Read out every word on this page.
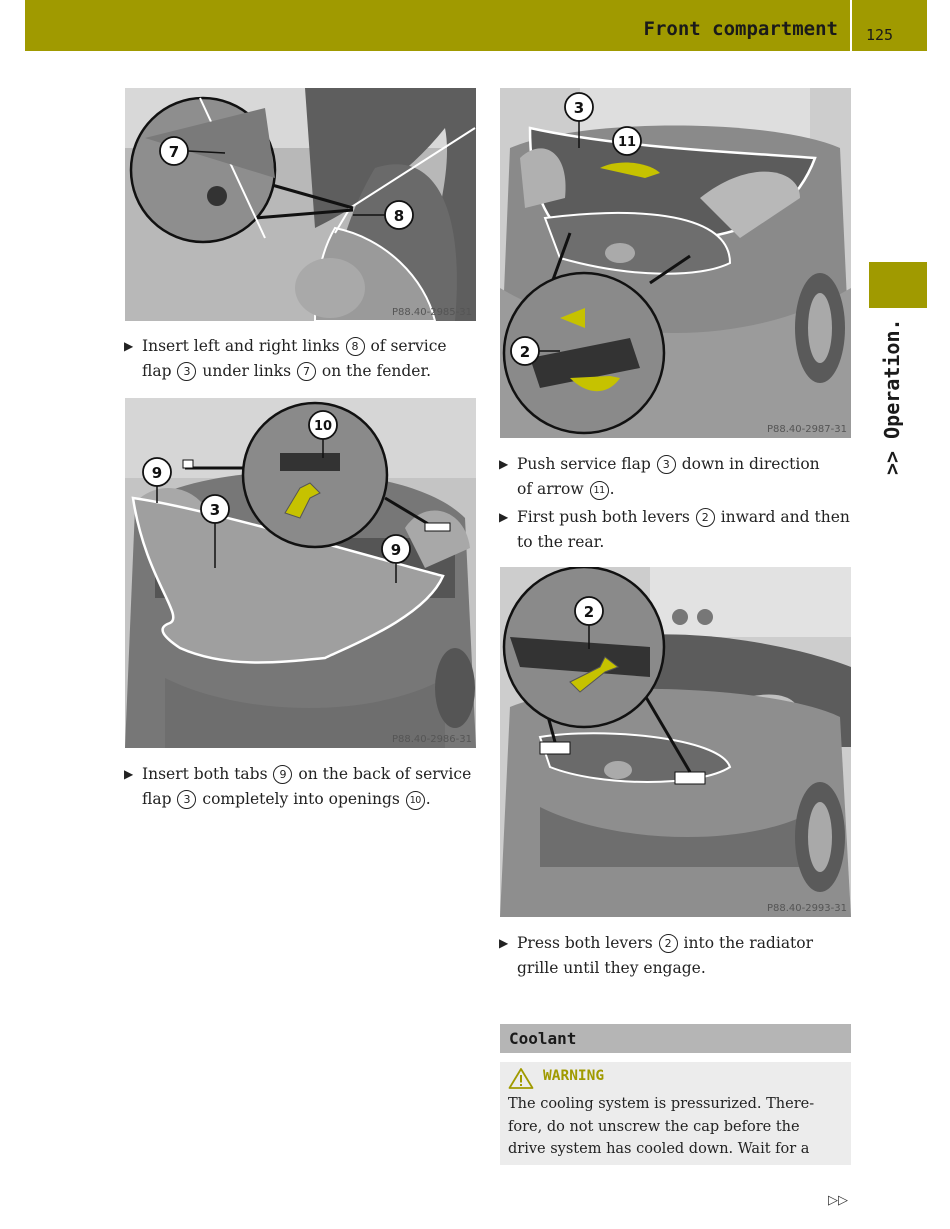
Front compartment 125
>> Operation.
7
8
P88.40-2985-31
▶ Insert left and right links 8 of service
flap 3 under links 7 on the fender.
10
9
3
9
P88.40-2986-31
▶ Insert both tabs 9 on the back of service
flap 3 completely into openings 10 .
3
11
2
P88.40-2987-31
▶ Push service flap 3 down in direction
of arrow 11 .
▶ First push both levers 2 inward and then
to the rear.
2
P88.40-2993-31
▶ Press both levers 2 into the radiator
grille until they engage.
Coolant
WARNING
The cooling system is pressurized. There-
fore, do not unscrew the cap before the
drive system has cooled down. Wait for a
▷▷
